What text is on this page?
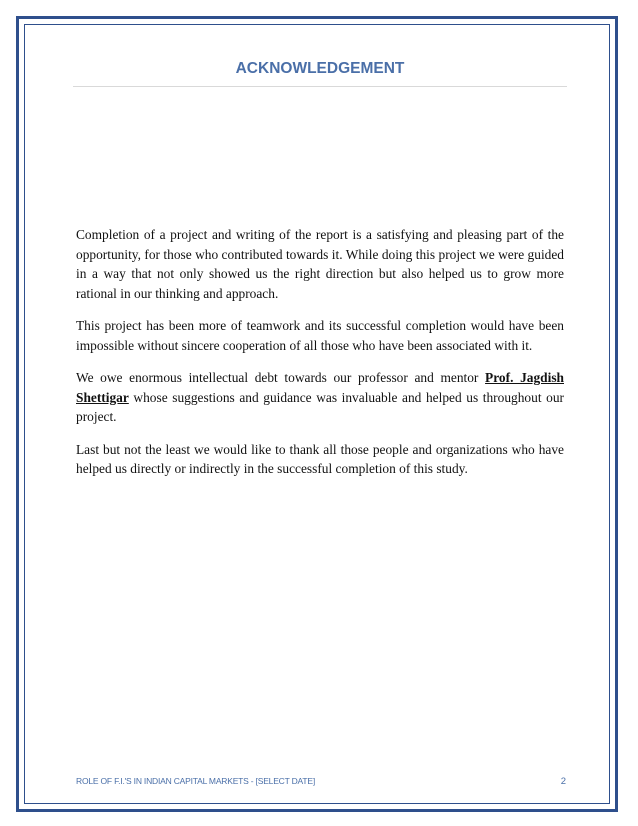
ACKNOWLEDGEMENT

Completion of a project and writing of the report is a satisfying and pleasing part of the opportunity, for those who contributed towards it. While doing this project we were guided in a way that not only showed us the right direction but also helped us to grow more rational in our thinking and approach.

This project has been more of teamwork and its successful completion would have been impossible without sincere cooperation of all those who have been associated with it.

We owe enormous intellectual debt towards our professor and mentor Prof. Jagdish Shettigar whose suggestions and guidance was invaluable and helped us throughout our project.

Last but not the least we would like to thank all those people and organizations who have helped us directly or indirectly in the successful completion of this study.

ROLE OF F.I.'S IN INDIAN CAPITAL MARKETS - [SELECT DATE]	2
